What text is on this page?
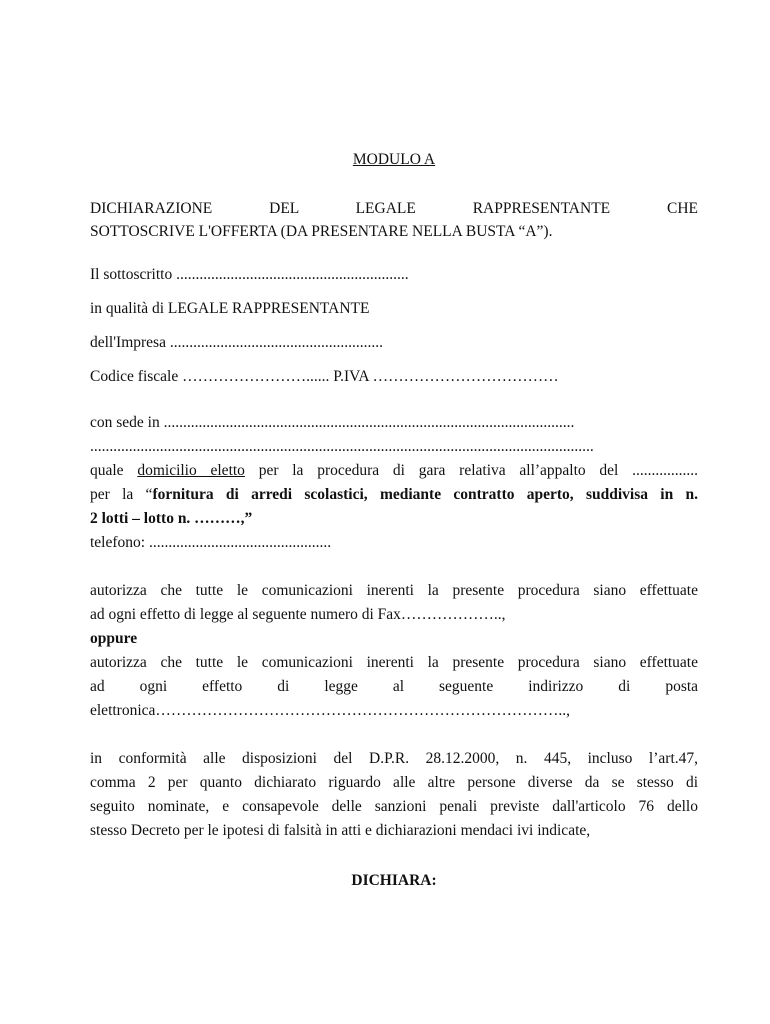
MODULO A
DICHIARAZIONE	DEL	LEGALE	RAPPRESENTANTE	CHE
SOTTOSCRIVE L'OFFERTA (DA PRESENTARE NELLA BUSTA “A”).
Il sottoscritto ............................................................
in qualità di LEGALE RAPPRESENTANTE
dell'Impresa .......................................................
Codice fiscale ……………………...... P.IVA ………………………………
con sede in ..........................................................................................................
..................................................................................................................................
quale domicilio eletto per la procedura di gara relativa all’appalto del .................
per la “fornitura di arredi scolastici, mediante contratto aperto, suddivisa in n.
2 lotti – lotto n. ………,”
telefono: ...............................................
autorizza che tutte le comunicazioni inerenti la presente procedura siano effettuate
ad ogni effetto di legge al seguente numero di Fax………………..,
oppure
autorizza che tutte le comunicazioni inerenti la presente procedura siano effettuate
ad ogni effetto di legge al seguente indirizzo di posta
elettronica……………………………………………………………………..,
in conformità alle disposizioni del D.P.R. 28.12.2000, n. 445, incluso l’art.47,
comma 2 per quanto dichiarato riguardo alle altre persone diverse da se stesso di
seguito nominate, e consapevole delle sanzioni penali previste dall'articolo 76 dello
stesso Decreto per le ipotesi di falsità in atti e dichiarazioni mendaci ivi indicate,
DICHIARA:
